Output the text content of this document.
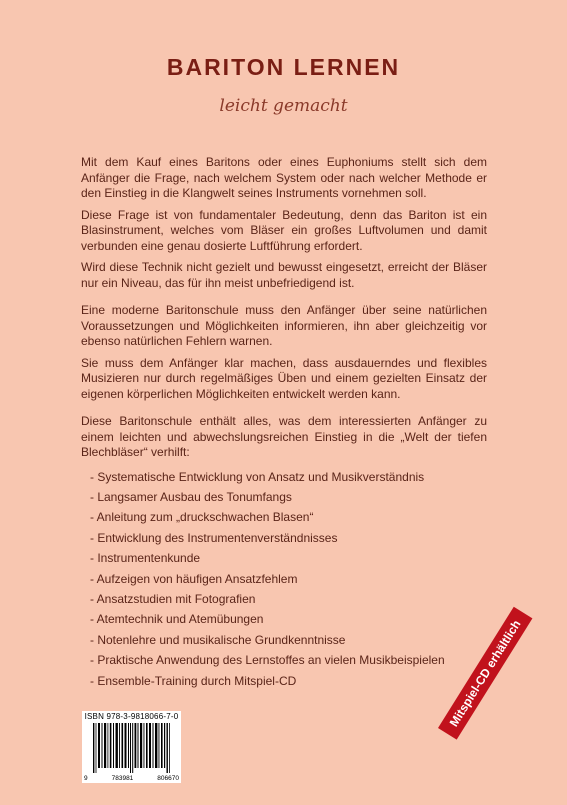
BARITON LERNEN
leicht gemacht

Mit dem Kauf eines Baritons oder eines Euphoniums stellt sich dem Anfänger die Frage, nach welchem System oder nach welcher Methode er den Einstieg in die Klangwelt seines Instruments vornehmen soll.

Diese Frage ist von fundamentaler Bedeutung, denn das Bariton ist ein Blasinstrument, welches vom Bläser ein großes Luftvolumen und damit verbunden eine genau dosierte Luftführung erfordert.

Wird diese Technik nicht gezielt und bewusst eingesetzt, erreicht der Bläser nur ein Niveau, das für ihn meist unbefriedigend ist.

Eine moderne Baritonschule muss den Anfänger über seine natürlichen Voraussetzungen und Möglichkeiten informieren, ihn aber gleichzeitig vor ebenso natürlichen Fehlern warnen.

Sie muss dem Anfänger klar machen, dass ausdauerndes und flexibles Musizieren nur durch regelmäßiges Üben und einem gezielten Einsatz der eigenen körperlichen Möglichkeiten entwickelt werden kann.

Diese Baritonschule enthält alles, was dem interessierten Anfänger zu einem leichten und abwechslungsreichen Einstieg in die „Welt der tiefen Blechbläser“ verhilft:

- Systematische Entwicklung von Ansatz und Musikverständnis
- Langsamer Ausbau des Tonumfangs
- Anleitung zum „druckschwachen Blasen“
- Entwicklung des Instrumentenverständnisses
- Instrumentenkunde
- Aufzeigen von häufigen Ansatzfehlem
- Ansatzstudien mit Fotografien
- Atemtechnik und Atemübungen
- Notenlehre und musikalische Grundkenntnisse
- Praktische Anwendung des Lernstoffes an vielen Musikbeispielen
- Ensemble-Training durch Mitspiel-CD
ISBN 978-3-9818066-7-0
9	783981	806670
Mitspiel-CD erhältlich
